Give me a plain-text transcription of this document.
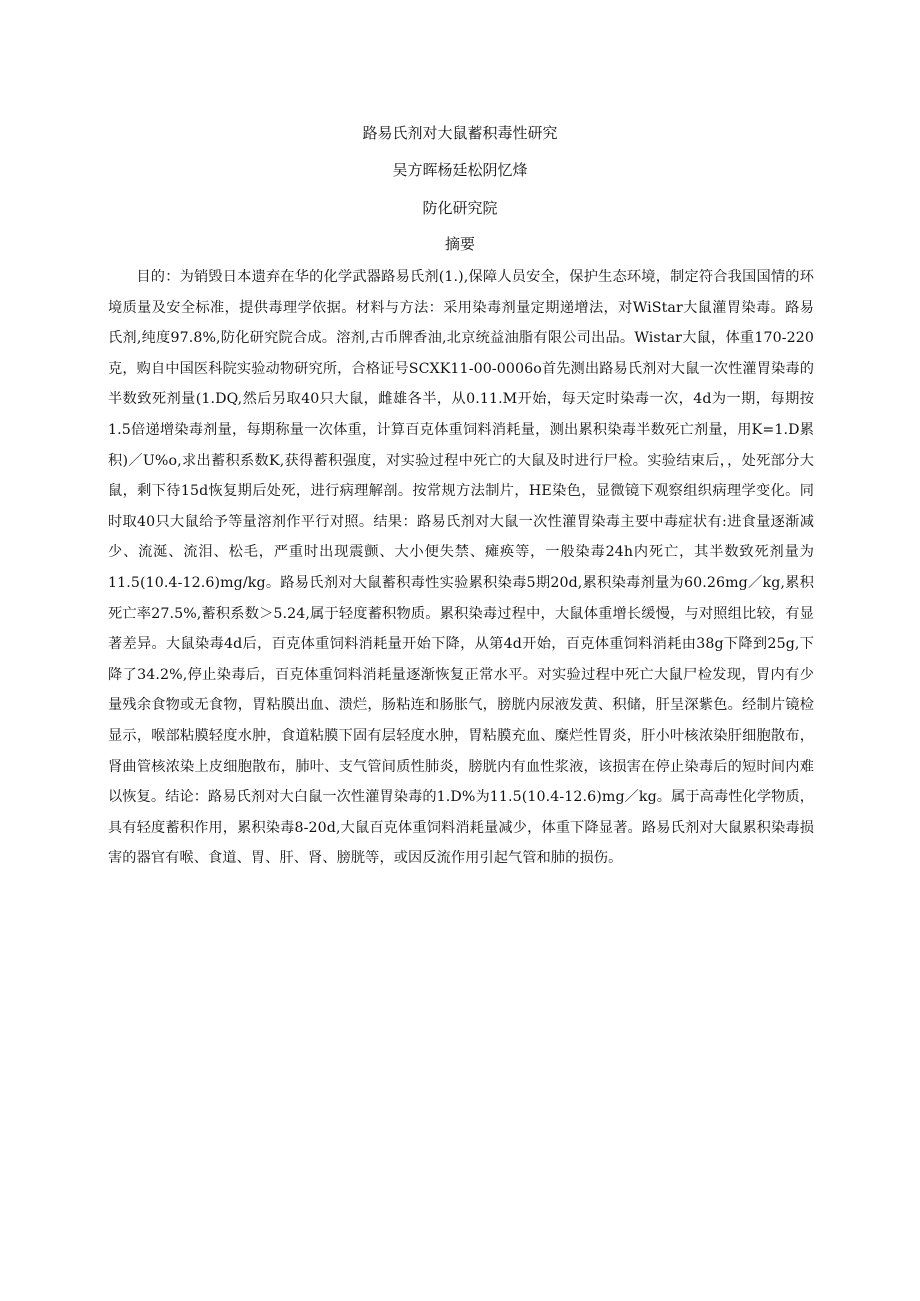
路易氏剂对大鼠蓄积毒性研究
吴方晖杨廷松阴忆烽
防化研究院
摘要

目的：为销毁日本遗弃在华的化学武器路易氏剂(1.),保障人员安全，保护生态环境，制定符合我国国情的环境质量及安全标准，提供毒理学依据。材料与方法：采用染毒剂量定期递增法，对WiStar大鼠灌胃染毒。路易氏剂,纯度97.8%,防化研究院合成。溶剂,古币牌香油,北京统益油脂有限公司出品。Wistar大鼠，体重170-220克，购自中国医科院实验动物研究所，合格证号SCXK11-00-0006o首先测出路易氏剂对大鼠一次性灌胃染毒的半数致死剂量(1.DQ,然后另取40只大鼠，雌雄各半，从0.11.M开始，每天定时染毒一次，4d为一期，每期按1.5倍递增染毒剂量，每期称量一次体重，计算百克体重饲料消耗量，测出累积染毒半数死亡剂量，用K=1.D累积)／U%o,求出蓄积系数K,获得蓄积强度，对实验过程中死亡的大鼠及时进行尸检。实验结束后，，处死部分大鼠，剩下待15d恢复期后处死，进行病理解剖。按常规方法制片，HE染色，显微镜下观察组织病理学变化。同时取40只大鼠给予等量溶剂作平行对照。结果：路易氏剂对大鼠一次性灌胃染毒主要中毒症状有:进食量逐渐减少、流涎、流泪、松毛，严重时出现震颤、大小便失禁、瘫痪等，一般染毒24h内死亡，其半数致死剂量为11.5(10.4-12.6)mg/kg。路易氏剂对大鼠蓄积毒性实验累积染毒5期20d,累积染毒剂量为60.26mg／kg,累积死亡率27.5%,蓄积系数＞5.24,属于轻度蓄积物质。累积染毒过程中，大鼠体重增长缓慢，与对照组比较，有显著差异。大鼠染毒4d后，百克体重饲料消耗量开始下降，从第4d开始，百克体重饲料消耗由38g下降到25g,下降了34.2%,停止染毒后，百克体重饲料消耗量逐渐恢复正常水平。对实验过程中死亡大鼠尸检发现，胃内有少量残余食物或无食物，胃粘膜出血、溃烂，肠粘连和肠胀气，膀胱内尿液发黄、积储，肝呈深紫色。经制片镜检显示，喉部粘膜轻度水肿，食道粘膜下固有层轻度水肿，胃粘膜充血、糜烂性胃炎，肝小叶核浓染肝细胞散布，肾曲管核浓染上皮细胞散布，肺叶、支气管间质性肺炎，膀胱内有血性浆液，该损害在停止染毒后的短时间内难以恢复。结论：路易氏剂对大白鼠一次性灌胃染毒的1.D%为11.5(10.4-12.6)mg／kg。属于高毒性化学物质，具有轻度蓄积作用，累积染毒8-20d,大鼠百克体重饲料消耗量减少，体重下降显著。路易氏剂对大鼠累积染毒损害的器官有喉、食道、胃、肝、肾、膀胱等，或因反流作用引起气管和肺的损伤。
